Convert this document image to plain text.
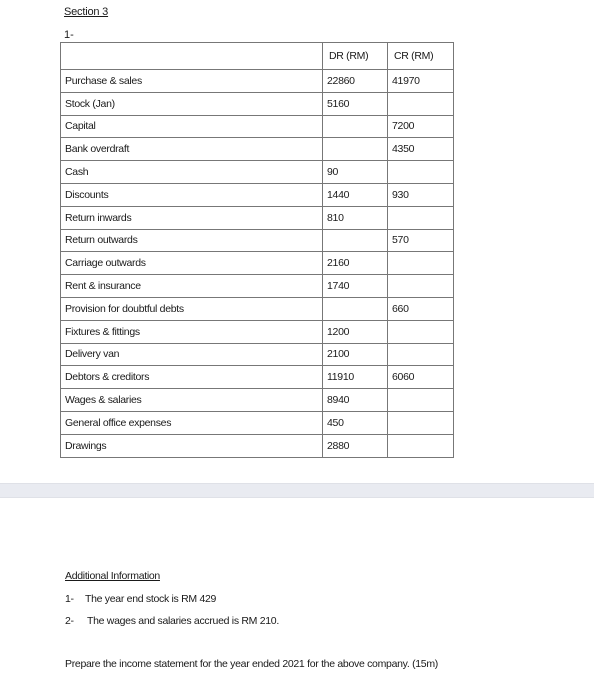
Section 3
1-
	DR (RM)	CR (RM)
Purchase & sales	22860	41970
Stock (Jan)	5160	
Capital		7200
Bank overdraft		4350
Cash	90	
Discounts	1440	930
Return inwards	810	
Return outwards		570
Carriage outwards	2160	
Rent & insurance	1740	
Provision for doubtful debts		660
Fixtures & fittings	1200	
Delivery van	2100	
Debtors & creditors	11910	6060
Wages & salaries	8940	
General office expenses	450	
Drawings	2880	
Additional Information
1- The year end stock is RM 429
2- The wages and salaries accrued is RM 210.
Prepare the income statement for the year ended 2021 for the above company. (15m)
